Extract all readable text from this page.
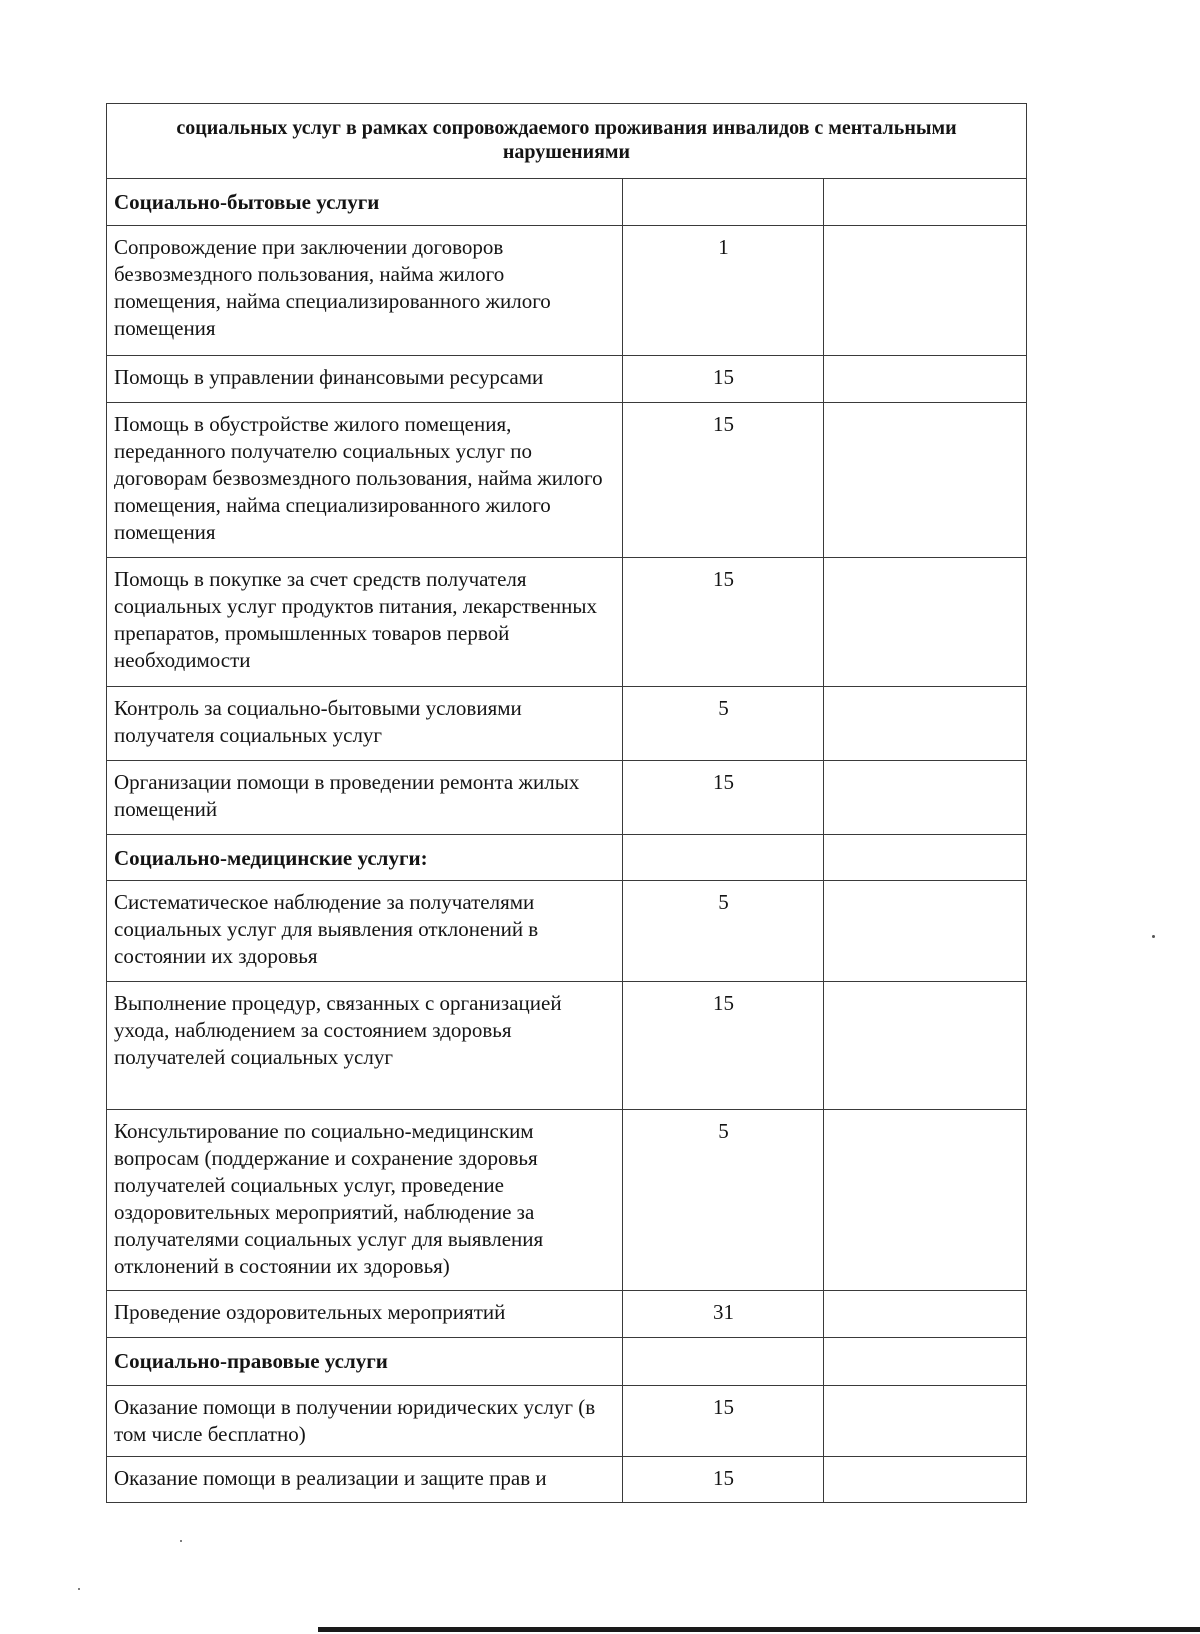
социальных услуг в рамках сопровождаемого проживания инвалидов с ментальными нарушениями		
Социально-бытовые услуги		
Сопровождение при заключении договоров безвозмездного пользования, найма жилого помещения, найма специализированного жилого помещения	1	
Помощь в управлении финансовыми ресурсами	15	
Помощь в обустройстве жилого помещения, переданного получателю социальных услуг по договорам безвозмездного пользования, найма жилого помещения, найма специализированного жилого помещения	15	
Помощь в покупке за счет средств получателя социальных услуг продуктов питания, лекарственных препаратов, промышленных товаров первой необходимости	15	
Контроль за социально-бытовыми условиями получателя социальных услуг	5	
Организации помощи в проведении ремонта жилых помещений	15	
Социально-медицинские услуги:		
Систематическое наблюдение за получателями социальных услуг для выявления отклонений в состоянии их здоровья	5	
Выполнение процедур, связанных с организацией ухода, наблюдением за состоянием здоровья получателей социальных услуг	15	
Консультирование по социально-медицинским вопросам (поддержание и сохранение здоровья получателей социальных услуг, проведение оздоровительных мероприятий, наблюдение за получателями социальных услуг для выявления отклонений в состоянии их здоровья)	5	
Проведение оздоровительных мероприятий	31	
Социально-правовые услуги		
Оказание помощи в получении юридических услуг (в том числе бесплатно)	15	
Оказание помощи в реализации и защите прав и	15	
